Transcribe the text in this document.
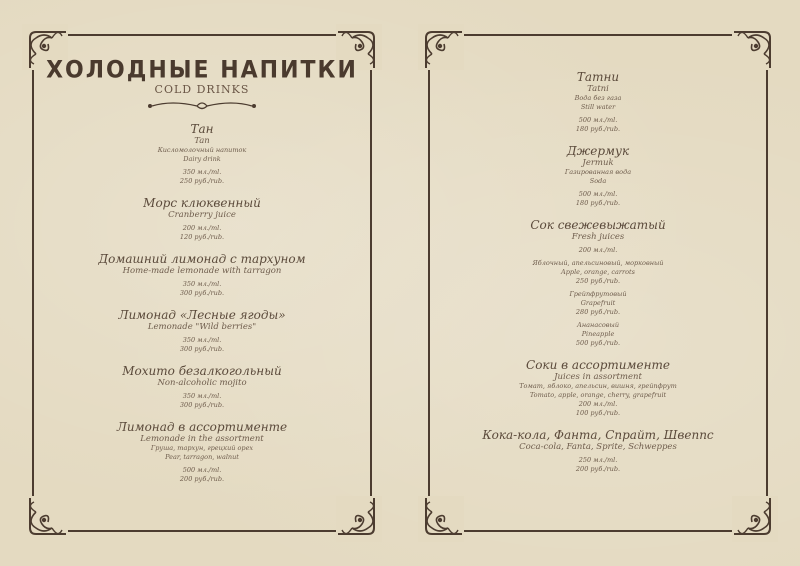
ХОЛОДНЫЕ НАПИТКИ
COLD DRINKS
Тан
Tan
Кисломолочный напиток
Dairy drink
350 мл./ml.
250 руб./rub.
Морс клюквенный
Cranberry juice
200 мл./ml.
120 руб./rub.
Домашний лимонад с тархуном
Home-made lemonade with tarragon
350 мл./ml.
300 руб./rub.
Лимонад «Лесные ягоды»
Lemonade "Wild berries"
350 мл./ml.
300 руб./rub.
Мохито безалкогольный
Non-alcoholic mojito
350 мл./ml.
300 руб./rub.
Лимонад в ассортименте
Lemonade in the assortment
Груша, тархун, грецкий орех
Pear, tarragon, walnut
500 мл./ml.
200 руб./rub.
Татни
Tatni
Вода без газа
Still water
500 мл./ml.
180 руб./rub.
Джермук
Jermuk
Газированная вода
Soda
500 мл./ml.
180 руб./rub.
Сок свежевыжатый
Fresh juices
200 мл./ml.
Яблочный, апельсиновый, морковный
Apple, orange, carrots
250 руб./rub.
Грейпфрутовый
Grapefruit
280 руб./rub.
Ананасовый
Pineapple
500 руб./rub.
Соки в ассортименте
Juices in assortment
Томат, яблоко, апельсин, вишня, грейпфрут
Tomato, apple, orange, cherry, grapefruit
200 мл./ml.
100 руб./rub.
Кока-кола, Фанта, Спрайт, Швеппс
Coca-cola, Fanta, Sprite, Schweppes
250 мл./ml.
200 руб./rub.
